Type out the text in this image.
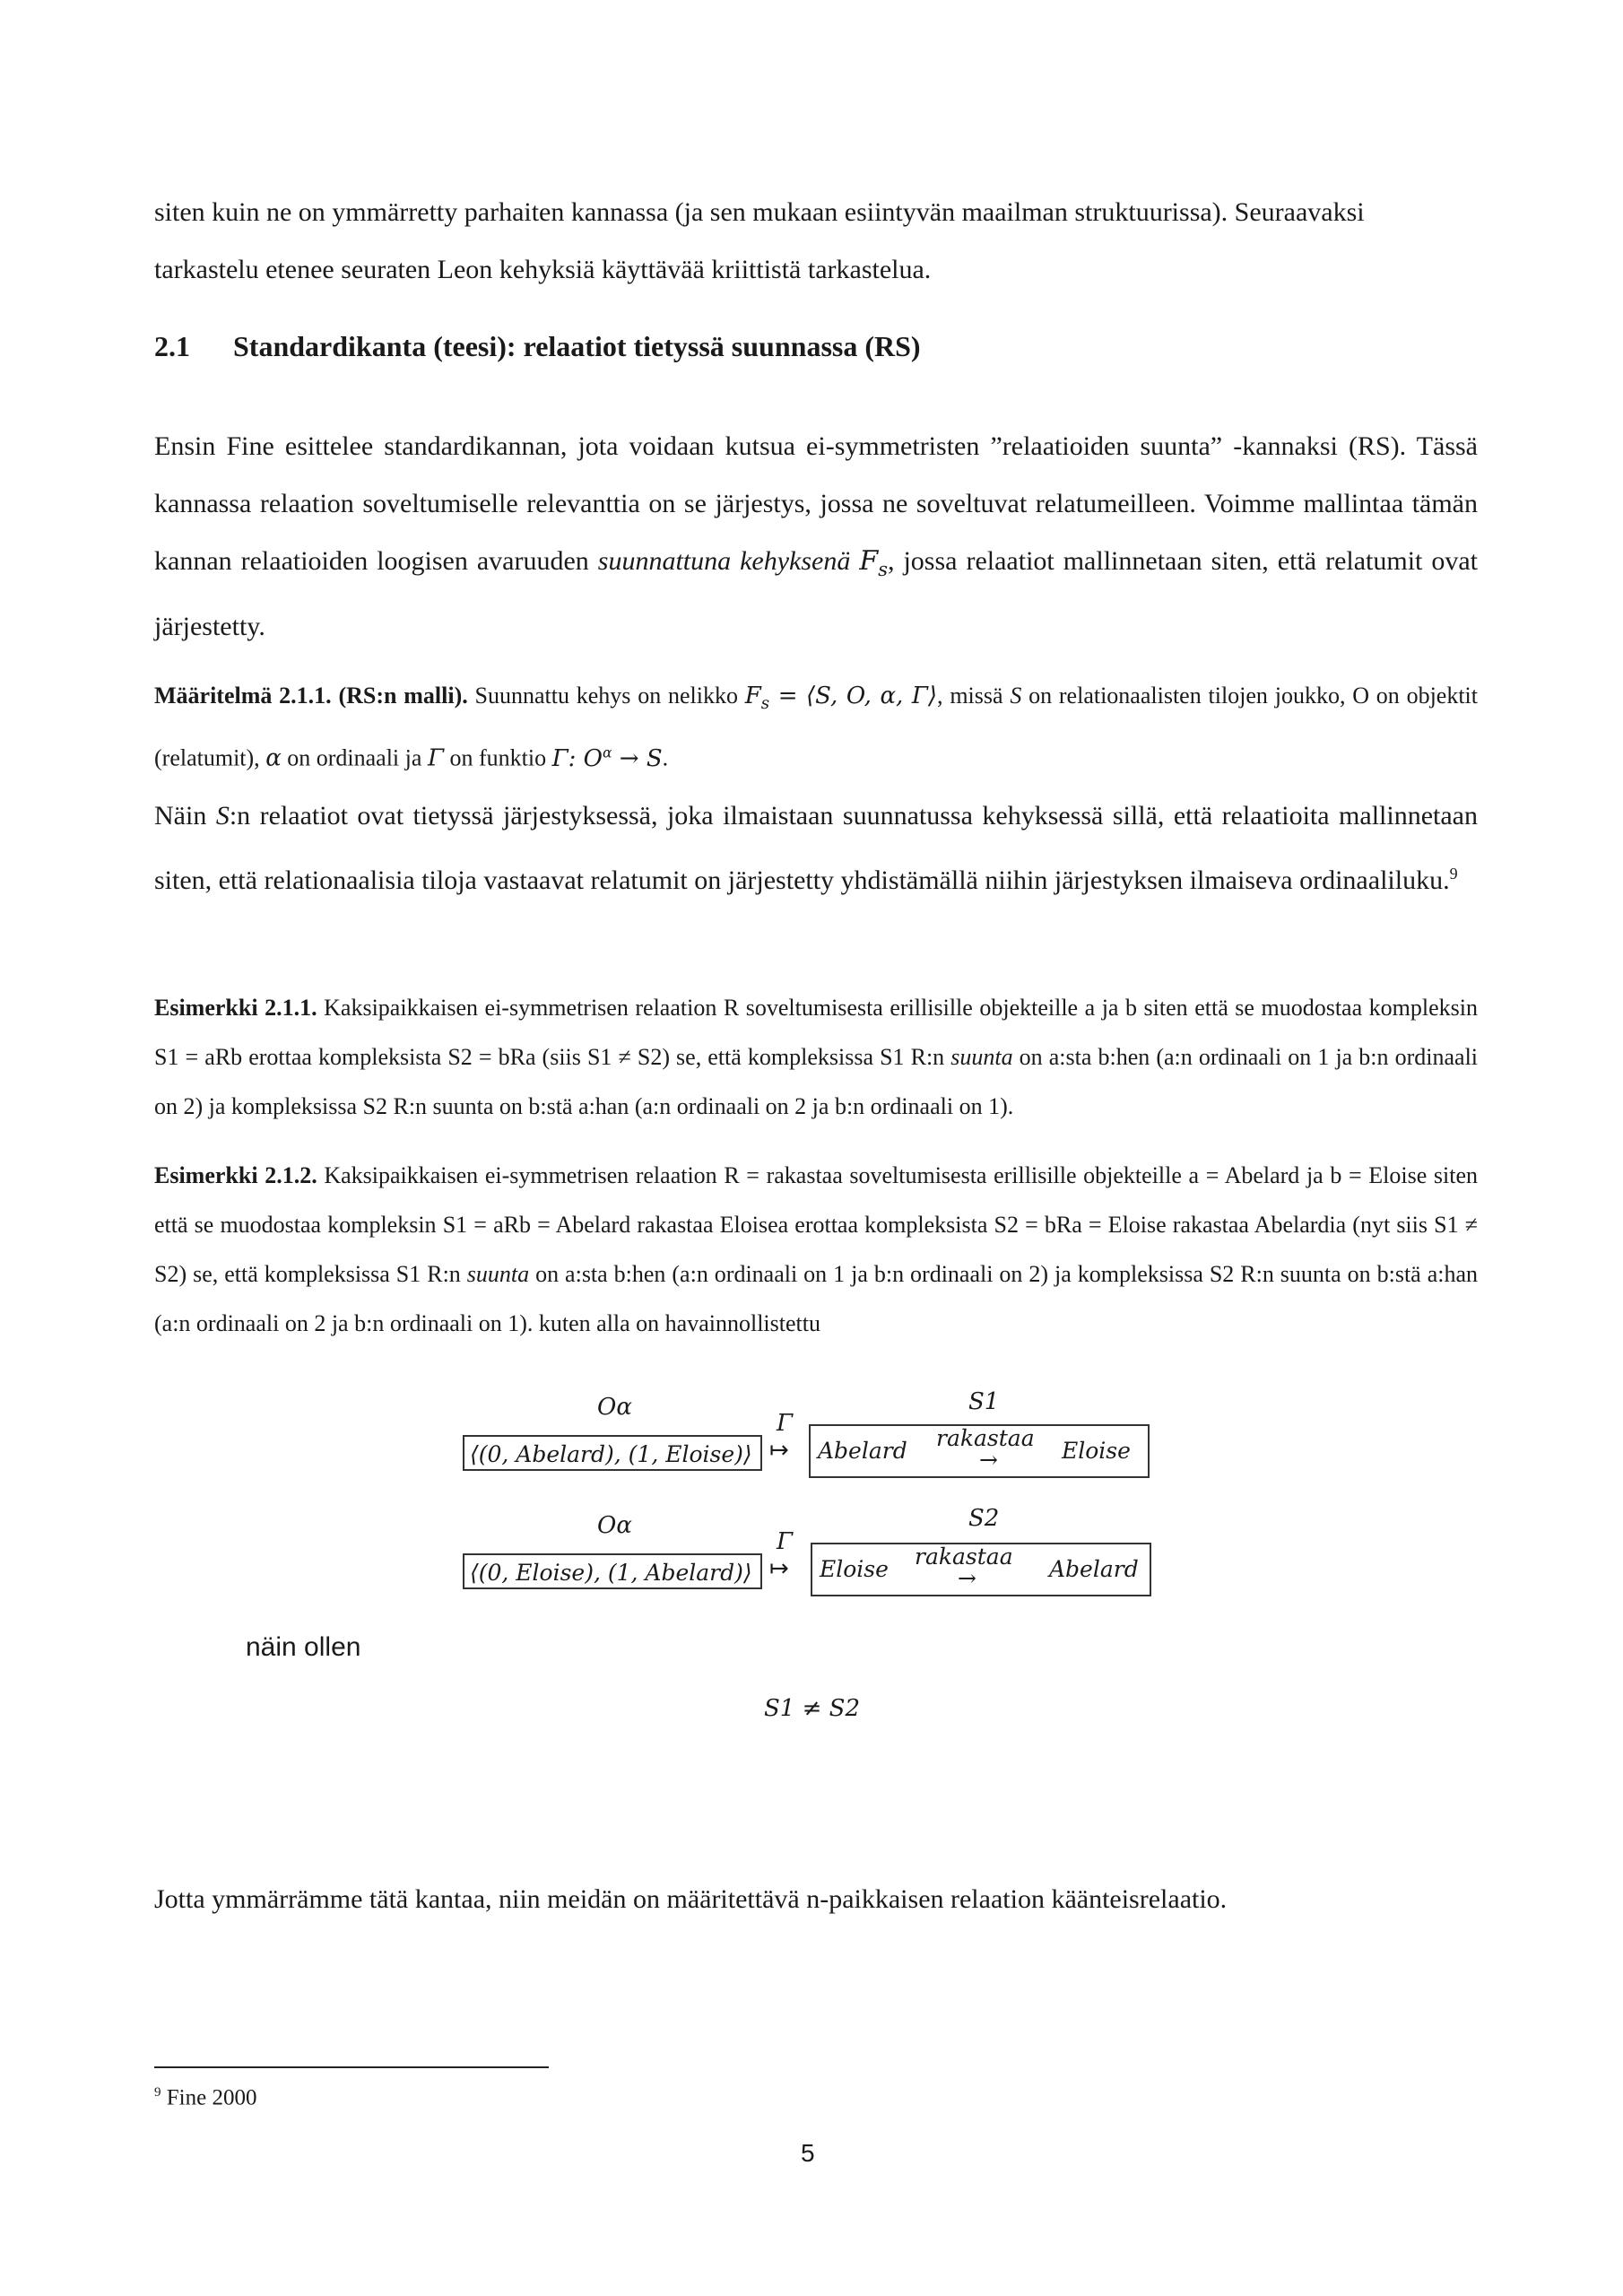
siten kuin ne on ymmärretty parhaiten kannassa (ja sen mukaan esiintyvän maailman struktuurissa). Seuraavaksi
tarkastelu etenee seuraten Leon kehyksiä käyttävää kriittistä tarkastelua.

2.1 Standardikanta (teesi): relaatiot tietyssä suunnassa (RS)

Ensin Fine esittelee standardikannan, jota voidaan kutsua ei-symmetristen ”relaatioiden suunta” -kannaksi (RS). Tässä kannassa relaation soveltumiselle relevanttia on se järjestys, jossa ne soveltuvat relatumeilleen. Voimme mallintaa tämän kannan relaatioiden loogisen avaruuden suunnattuna kehyksenä $F_s$, jossa relaatiot mallinnetaan siten, että relatumit ovat järjestetty.

Määritelmä 2.1.1. (RS:n malli). Suunnattu kehys on nelikko $F_s$ = ⟨S, O, α, Γ⟩, missä S on relationaalisten tilojen joukko, O on objektit (relatumit), α on ordinaali ja Γ on funktio Γ: $O^\alpha \to S$.

Näin S:n relaatiot ovat tietyssä järjestyksessä, joka ilmaistaan suunnatussa kehyksessä sillä, että relaatioita mallinnetaan siten, että relationaalisia tiloja vastaavat relatumit on järjestetty yhdistämällä niihin järjestyksen ilmaiseva ordinaaliluku.$^9$

Esimerkki 2.1.1. Kaksipaikkaisen ei-symmetrisen relaation R soveltumisesta erillisille objekteille a ja b siten että se muodostaa kompleksin S1 = aRb erottaa kompleksista S2 = bRa (siis S1 ≠ S2) se, että kompleksissa S1 R:n suunta on a:sta b:hen (a:n ordinaali on 1 ja b:n ordinaali on 2) ja kompleksissa S2 R:n suunta on b:stä a:han (a:n ordinaali on 2 ja b:n ordinaali on 1).

Esimerkki 2.1.2. Kaksipaikkaisen ei-symmetrisen relaation R = rakastaa soveltumisesta erillisille objekteille a = Abelard ja b = Eloise siten että se muodostaa kompleksin S1 = aRb = Abelard rakastaa Eloisea erottaa kompleksista S2 = bRa = Eloise rakastaa Abelardia (nyt siis S1 ≠ S2) se, että kompleksissa S1 R:n suunta on a:sta b:hen (a:n ordinaali on 1 ja b:n ordinaali on 2) ja kompleksissa S2 R:n suunta on b:stä a:han (a:n ordinaali on 2 ja b:n ordinaali on 1). kuten alla on havainnollistettu

Oα
Γ
S1
⟨(0, Abelard), (1, Eloise)⟩ ↦ Abelard rakastaa
→	Eloise
Oα
Γ
S2
⟨(0, Eloise), (1, Abelard)⟩ ↦ Eloise rakastaa
→	Abelard
näin ollen
S1 ≠ S2

Jotta ymmärrämme tätä kantaa, niin meidän on määritettävä n-paikkaisen relaation käänteisrelaatio.

$^9$ Fine 2000

5
